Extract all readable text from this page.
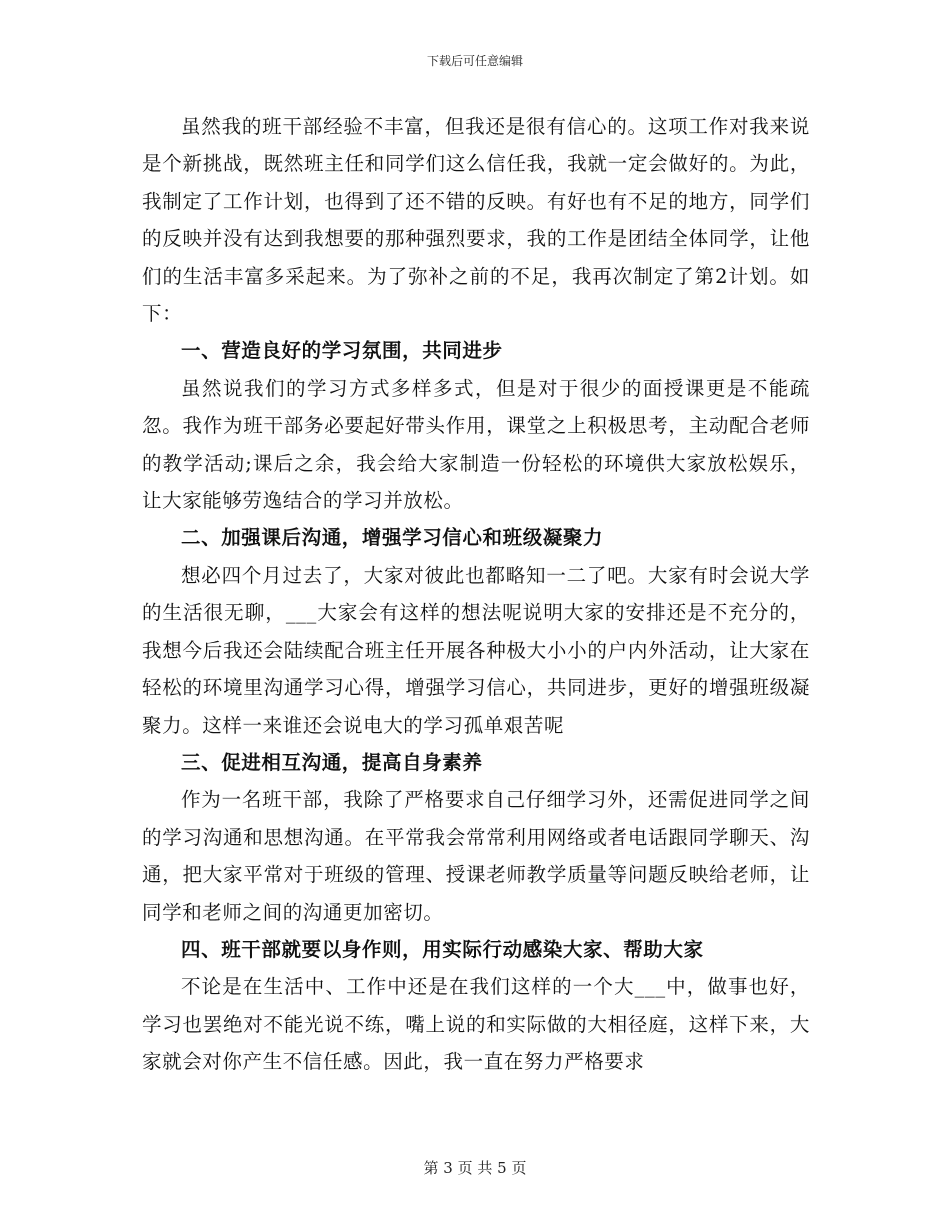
下载后可任意编辑

虽然我的班干部经验不丰富，但我还是很有信心的。这项工作对我来说是个新挑战，既然班主任和同学们这么信任我，我就一定会做好的。为此，我制定了工作计划，也得到了还不错的反映。有好也有不足的地方，同学们的反映并没有达到我想要的那种强烈要求，我的工作是团结全体同学，让他们的生活丰富多采起来。为了弥补之前的不足，我再次制定了第2计划。如下：

一、营造良好的学习氛围，共同进步

虽然说我们的学习方式多样多式，但是对于很少的面授课更是不能疏忽。我作为班干部务必要起好带头作用，课堂之上积极思考，主动配合老师的教学活动;课后之余，我会给大家制造一份轻松的环境供大家放松娱乐，让大家能够劳逸结合的学习并放松。

二、加强课后沟通，增强学习信心和班级凝聚力

想必四个月过去了，大家对彼此也都略知一二了吧。大家有时会说大学的生活很无聊，___大家会有这样的想法呢说明大家的安排还是不充分的，我想今后我还会陆续配合班主任开展各种极大小小的户内外活动，让大家在轻松的环境里沟通学习心得，增强学习信心，共同进步，更好的增强班级凝聚力。这样一来谁还会说电大的学习孤单艰苦呢

三、促进相互沟通，提高自身素养

作为一名班干部，我除了严格要求自己仔细学习外，还需促进同学之间的学习沟通和思想沟通。在平常我会常常利用网络或者电话跟同学聊天、沟通，把大家平常对于班级的管理、授课老师教学质量等问题反映给老师，让同学和老师之间的沟通更加密切。

四、班干部就要以身作则，用实际行动感染大家、帮助大家

不论是在生活中、工作中还是在我们这样的一个大___中，做事也好，学习也罢绝对不能光说不练，嘴上说的和实际做的大相径庭，这样下来，大家就会对你产生不信任感。因此，我一直在努力严格要求

第 3 页 共 5 页
